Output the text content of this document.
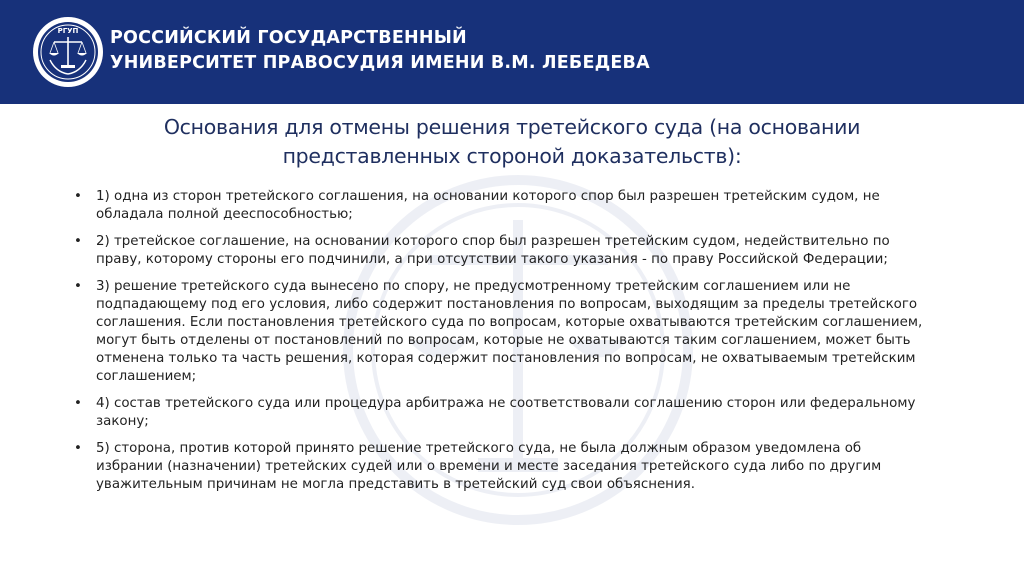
РГУП РОССИЙСКИЙ ГОСУДАРСТВЕННЫЙ
УНИВЕРСИТЕТ ПРАВОСУДИЯ ИМЕНИ В.М. ЛЕБЕДЕВА
Основания для отмены решения третейского суда (на основании
представленных стороной доказательств):
• 1) одна из сторон третейского соглашения, на основании которого спор был разрешен третейским судом, не
обладала полной дееспособностью;
• 2) третейское соглашение, на основании которого спор был разрешен третейским судом, недействительно по
праву, которому стороны его подчинили, а при отсутствии такого указания - по праву Российской Федерации;
• 3) решение третейского суда вынесено по спору, не предусмотренному третейским соглашением или не
подпадающему под его условия, либо содержит постановления по вопросам, выходящим за пределы третейского
соглашения. Если постановления третейского суда по вопросам, которые охватываются третейским соглашением,
могут быть отделены от постановлений по вопросам, которые не охватываются таким соглашением, может быть
отменена только та часть решения, которая содержит постановления по вопросам, не охватываемым третейским
соглашением;
• 4) состав третейского суда или процедура арбитража не соответствовали соглашению сторон или федеральному
закону;
• 5) сторона, против которой принято решение третейского суда, не была должным образом уведомлена об
избрании (назначении) третейских судей или о времени и месте заседания третейского суда либо по другим
уважительным причинам не могла представить в третейский суд свои объяснения.
